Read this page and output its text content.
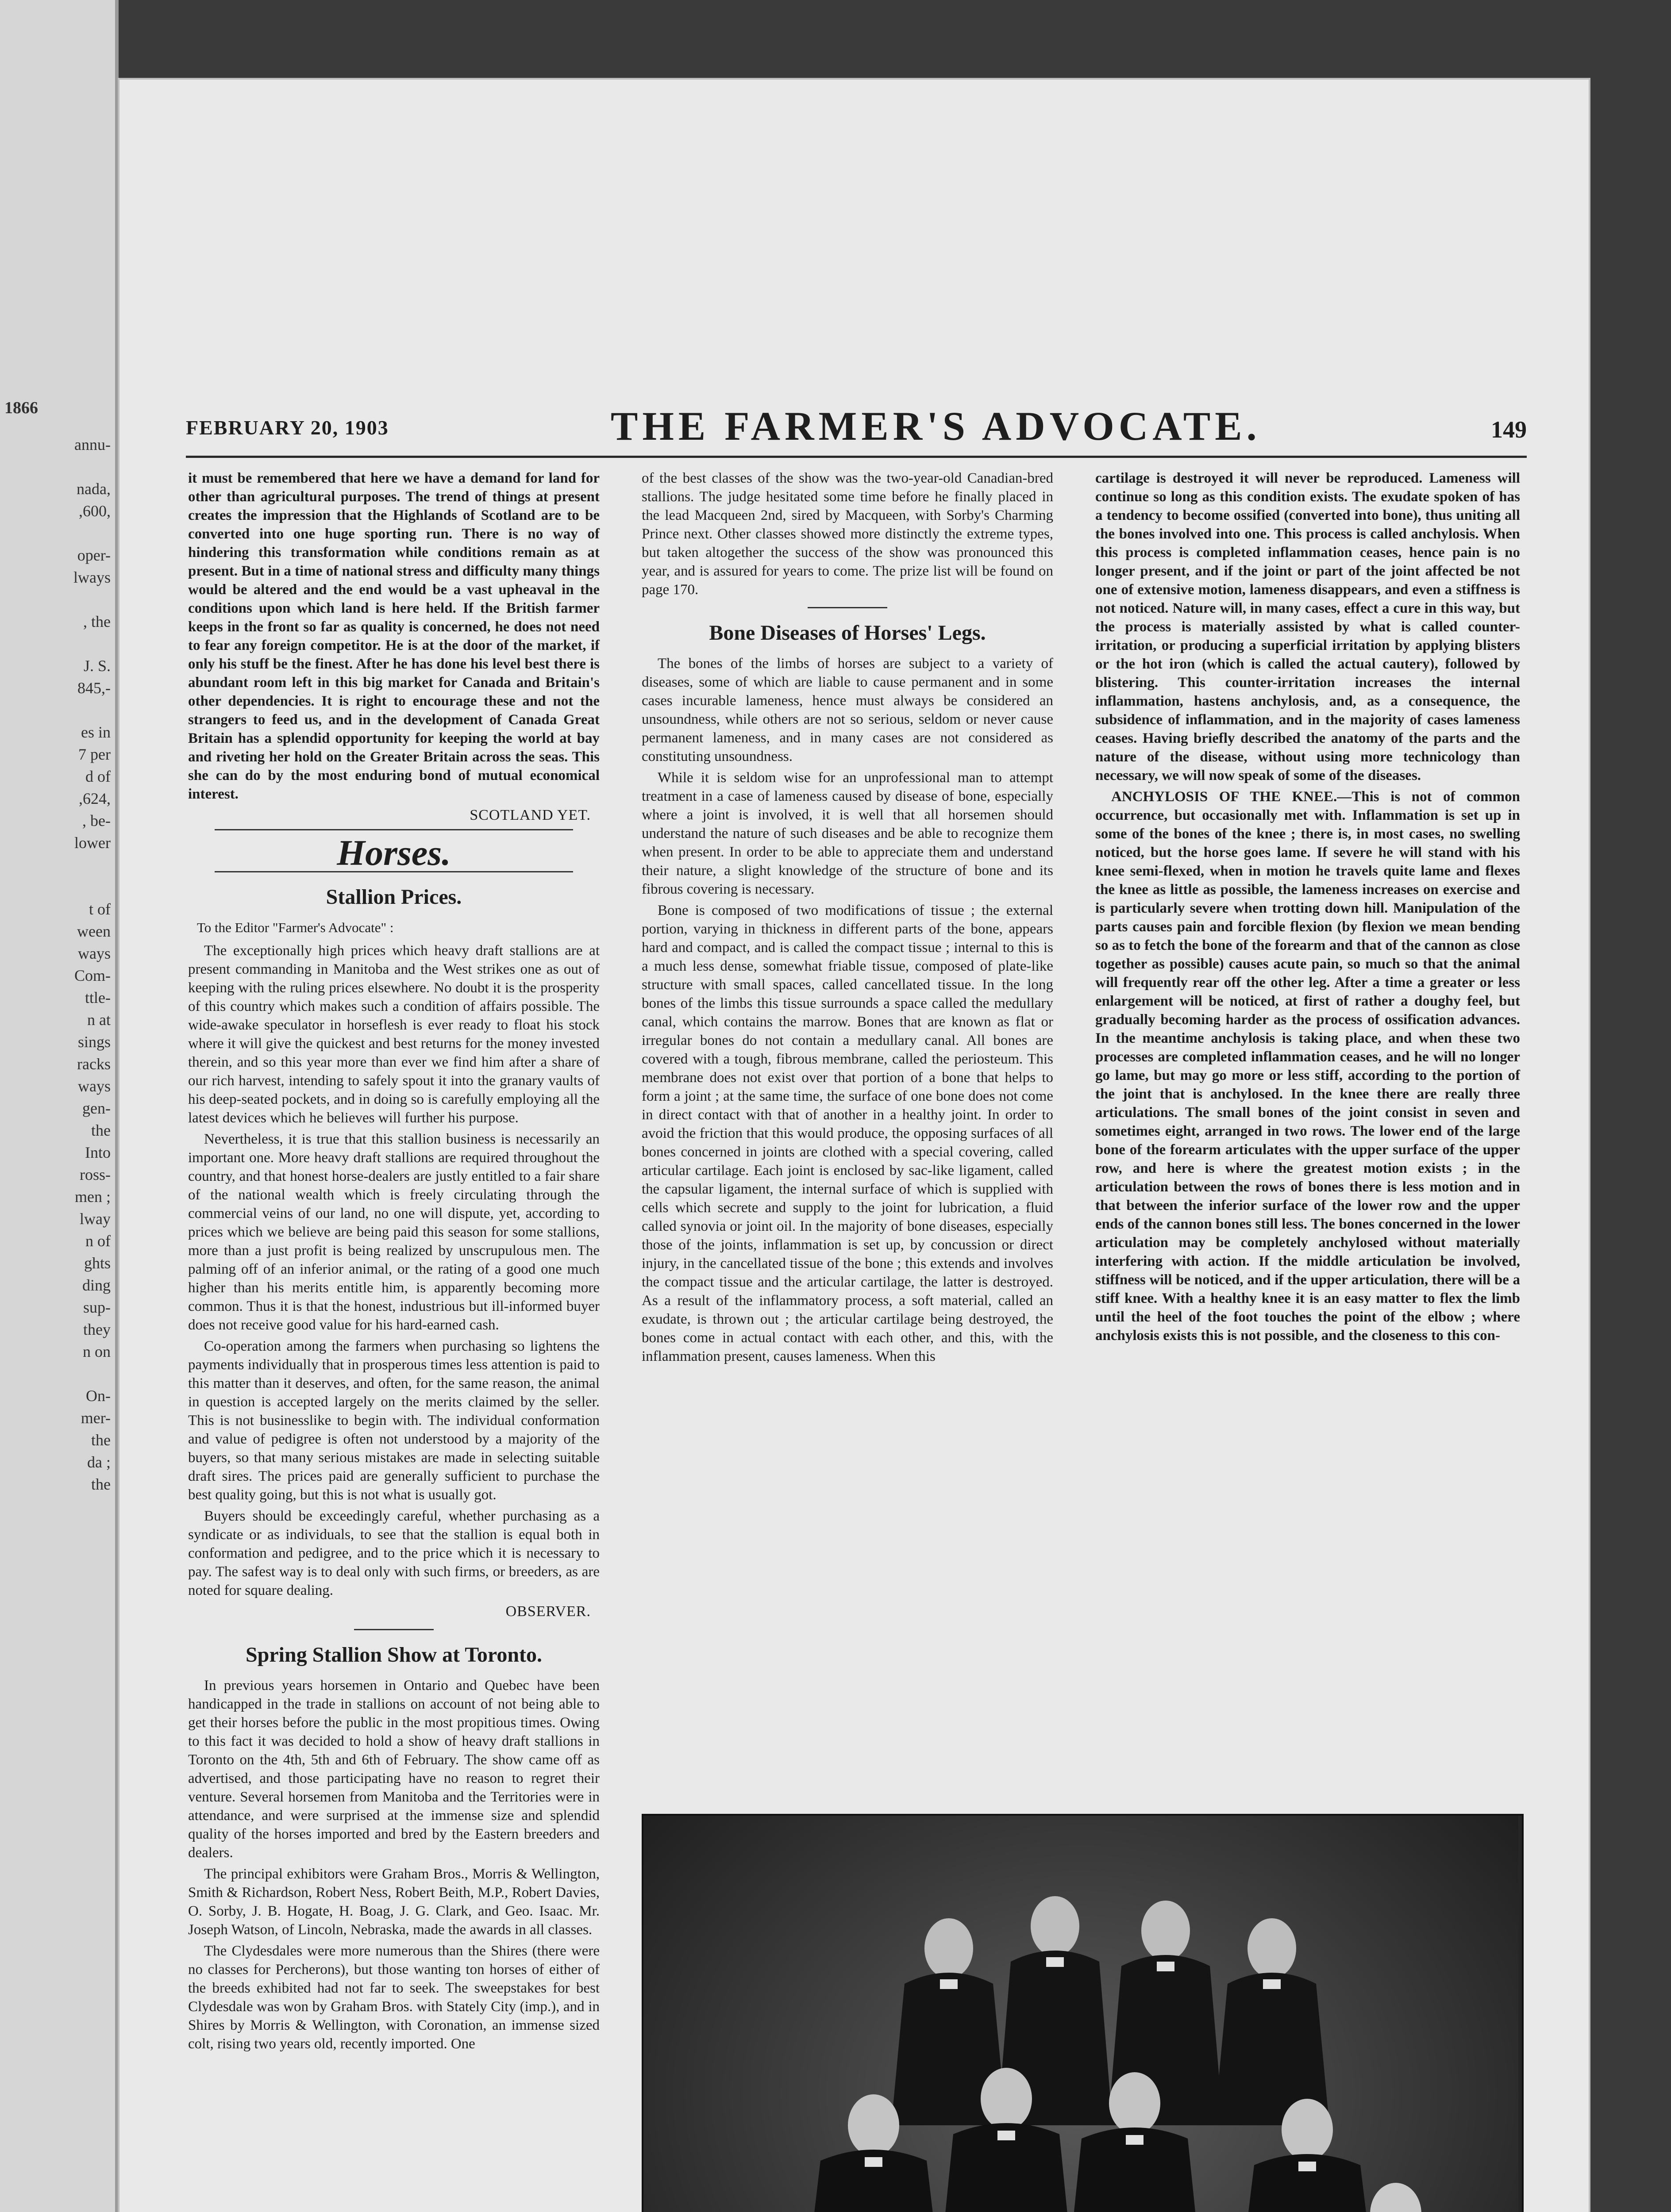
1866
annu-

nada,
,600,

oper-
lways

, the

J. S.
845,-

es in
7 per
d of
,624,
, be-
lower

t of
ween
ways
Com-
ttle-
n at
sings
racks
ways
gen-
the
Into
ross-
men ;
lway
n of
ghts
ding
sup-
they
n on

On-
mer-
the
da ;
the
FEBRUARY 20, 1903	THE FARMER'S ADVOCATE.	149

it must be remembered that here we have a demand for land for other than agricultural purposes. The trend of things at present creates the impression that the Highlands of Scotland are to be converted into one huge sporting run. There is no way of hindering this transformation while conditions remain as at present. But in a time of national stress and difficulty many things would be altered and the end would be a vast upheaval in the conditions upon which land is here held. If the British farmer keeps in the front so far as quality is concerned, he does not need to fear any foreign competitor. He is at the door of the market, if only his stuff be the finest. After he has done his level best there is abundant room left in this big market for Canada and Britain's other dependencies. It is right to encourage these and not the strangers to feed us, and in the development of Canada Great Britain has a splendid opportunity for keeping the world at bay and riveting her hold on the Greater Britain across the seas. This she can do by the most enduring bond of mutual economical interest.

SCOTLAND YET.
Horses.
Stallion Prices.
To the Editor "Farmer's Advocate" :

The exceptionally high prices which heavy draft stallions are at present commanding in Manitoba and the West strikes one as out of keeping with the ruling prices elsewhere. No doubt it is the prosperity of this country which makes such a condition of affairs possible. The wide-awake speculator in horseflesh is ever ready to float his stock where it will give the quickest and best returns for the money invested therein, and so this year more than ever we find him after a share of our rich harvest, intending to safely spout it into the granary vaults of his deep-seated pockets, and in doing so is carefully employing all the latest devices which he believes will further his purpose.

Nevertheless, it is true that this stallion business is necessarily an important one. More heavy draft stallions are required throughout the country, and that honest horse-dealers are justly entitled to a fair share of the national wealth which is freely circulating through the commercial veins of our land, no one will dispute, yet, according to prices which we believe are being paid this season for some stallions, more than a just profit is being realized by unscrupulous men. The palming off of an inferior animal, or the rating of a good one much higher than his merits entitle him, is apparently becoming more common. Thus it is that the honest, industrious but ill-informed buyer does not receive good value for his hard-earned cash.

Co-operation among the farmers when purchasing so lightens the payments individually that in prosperous times less attention is paid to this matter than it deserves, and often, for the same reason, the animal in question is accepted largely on the merits claimed by the seller. This is not businesslike to begin with. The individual conformation and value of pedigree is often not understood by a majority of the buyers, so that many serious mistakes are made in selecting suitable draft sires. The prices paid are generally sufficient to purchase the best quality going, but this is not what is usually got.

Buyers should be exceedingly careful, whether purchasing as a syndicate or as individuals, to see that the stallion is equal both in conformation and pedigree, and to the price which it is necessary to pay. The safest way is to deal only with such firms, or breeders, as are noted for square dealing.

OBSERVER.
Spring Stallion Show at Toronto.

In previous years horsemen in Ontario and Quebec have been handicapped in the trade in stallions on account of not being able to get their horses before the public in the most propitious times. Owing to this fact it was decided to hold a show of heavy draft stallions in Toronto on the 4th, 5th and 6th of February. The show came off as advertised, and those participating have no reason to regret their venture. Several horsemen from Manitoba and the Territories were in attendance, and were surprised at the immense size and splendid quality of the horses imported and bred by the Eastern breeders and dealers.

The principal exhibitors were Graham Bros., Morris & Wellington, Smith & Richardson, Robert Ness, Robert Beith, M.P., Robert Davies, O. Sorby, J. B. Hogate, H. Boag, J. G. Clark, and Geo. Isaac. Mr. Joseph Watson, of Lincoln, Nebraska, made the awards in all classes.

The Clydesdales were more numerous than the Shires (there were no classes for Percherons), but those wanting ton horses of either of the breeds exhibited had not far to seek. The sweepstakes for best Clydesdale was won by Graham Bros. with Stately City (imp.), and in Shires by Morris & Wellington, with Coronation, an immense sized colt, rising two years old, recently imported. One

of the best classes of the show was the two-year-old Canadian-bred stallions. The judge hesitated some time before he finally placed in the lead Macqueen 2nd, sired by Macqueen, with Sorby's Charming Prince next. Other classes showed more distinctly the extreme types, but taken altogether the success of the show was pronounced this year, and is assured for years to come. The prize list will be found on page 170.

Bone Diseases of Horses' Legs.

The bones of the limbs of horses are subject to a variety of diseases, some of which are liable to cause permanent and in some cases incurable lameness, hence must always be considered an unsoundness, while others are not so serious, seldom or never cause permanent lameness, and in many cases are not considered as constituting unsoundness.

While it is seldom wise for an unprofessional man to attempt treatment in a case of lameness caused by disease of bone, especially where a joint is involved, it is well that all horsemen should understand the nature of such diseases and be able to recognize them when present. In order to be able to appreciate them and understand their nature, a slight knowledge of the structure of bone and its fibrous covering is necessary.

Bone is composed of two modifications of tissue ; the external portion, varying in thickness in different parts of the bone, appears hard and compact, and is called the compact tissue ; internal to this is a much less dense, somewhat friable tissue, composed of plate-like structure with small spaces, called cancellated tissue. In the long bones of the limbs this tissue surrounds a space called the medullary canal, which contains the marrow. Bones that are known as flat or irregular bones do not contain a medullary canal. All bones are covered with a tough, fibrous membrane, called the periosteum. This membrane does not exist over that portion of a bone that helps to form a joint ; at the same time, the surface of one bone does not come in direct contact with that of another in a healthy joint. In order to avoid the friction that this would produce, the opposing surfaces of all bones concerned in joints are clothed with a special covering, called articular cartilage. Each joint is enclosed by sac-like ligament, called the capsular ligament, the internal surface of which is supplied with cells which secrete and supply to the joint for lubrication, a fluid called synovia or joint oil. In the majority of bone diseases, especially those of the joints, inflammation is set up, by concussion or direct injury, in the cancellated tissue of the bone ; this extends and involves the compact tissue and the articular cartilage, the latter is destroyed. As a result of the inflammatory process, a soft material, called an exudate, is thrown out ; the articular cartilage being destroyed, the bones come in actual contact with each other, and this, with the inflammation present, causes lameness. When this

cartilage is destroyed it will never be reproduced. Lameness will continue so long as this condition exists. The exudate spoken of has a tendency to become ossified (converted into bone), thus uniting all the bones involved into one. This process is called anchylosis. When this process is completed inflammation ceases, hence pain is no longer present, and if the joint or part of the joint affected be not one of extensive motion, lameness disappears, and even a stiffness is not noticed. Nature will, in many cases, effect a cure in this way, but the process is materially assisted by what is called counter-irritation, or producing a superficial irritation by applying blisters or the hot iron (which is called the actual cautery), followed by blistering. This counter-irritation increases the internal inflammation, hastens anchylosis, and, as a consequence, the subsidence of inflammation, and in the majority of cases lameness ceases. Having briefly described the anatomy of the parts and the nature of the disease, without using more technicology than necessary, we will now speak of some of the diseases.

ANCHYLOSIS OF THE KNEE.—This is not of common occurrence, but occasionally met with. Inflammation is set up in some of the bones of the knee ; there is, in most cases, no swelling noticed, but the horse goes lame. If severe he will stand with his knee semi-flexed, when in motion he travels quite lame and flexes the knee as little as possible, the lameness increases on exercise and is particularly severe when trotting down hill. Manipulation of the parts causes pain and forcible flexion (by flexion we mean bending so as to fetch the bone of the forearm and that of the cannon as close together as possible) causes acute pain, so much so that the animal will frequently rear off the other leg. After a time a greater or less enlargement will be noticed, at first of rather a doughy feel, but gradually becoming harder as the process of ossification advances. In the meantime anchylosis is taking place, and when these two processes are completed inflammation ceases, and he will no longer go lame, but may go more or less stiff, according to the portion of the joint that is anchylosed. In the knee there are really three articulations. The small bones of the joint consist in seven and sometimes eight, arranged in two rows. The lower end of the large bone of the forearm articulates with the upper surface of the upper row, and here is where the greatest motion exists ; in the articulation between the rows of bones there is less motion and in that between the inferior surface of the lower row and the upper ends of the cannon bones still less. The bones concerned in the lower articulation may be completely anchylosed without materially interfering with action. If the middle articulation be involved, stiffness will be noticed, and if the upper articulation, there will be a stiff knee. With a healthy knee it is an easy matter to flex the limb until the heel of the foot touches the point of the elbow ; where anchylosis exists this is not possible, and the closeness to this con-
